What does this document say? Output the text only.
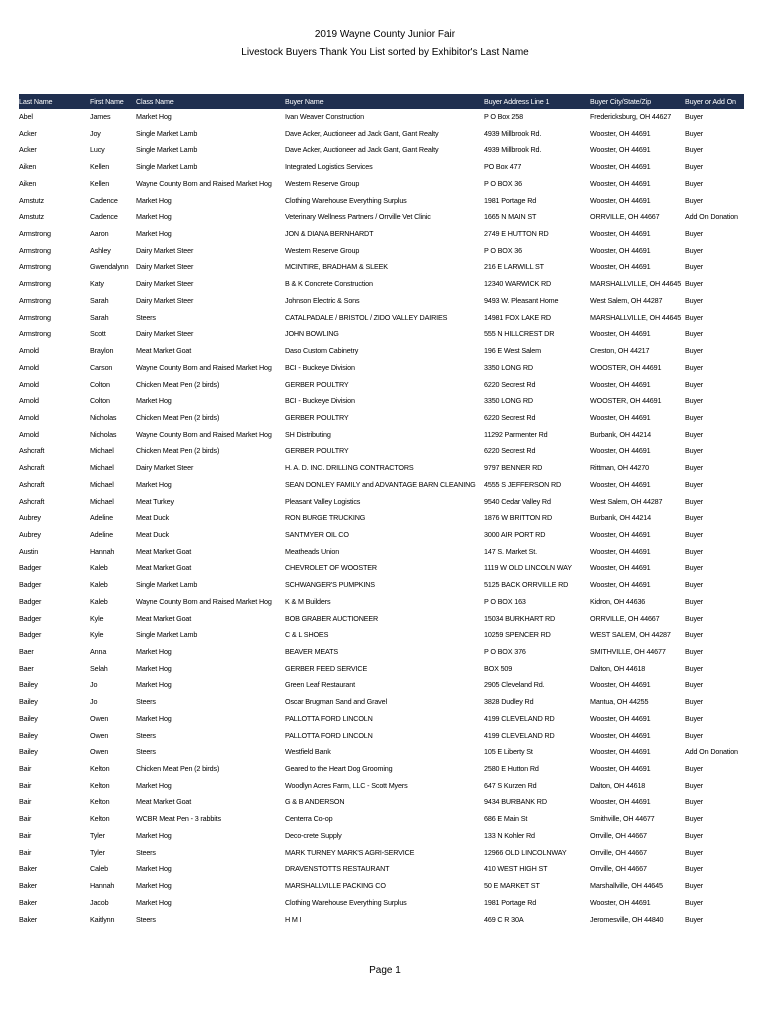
2019 Wayne County Junior Fair
Livestock Buyers Thank You List sorted by Exhibitor's Last Name
Last Name	First Name	Class Name	Buyer Name	Buyer Address Line 1	Buyer City/State/Zip	Buyer or Add On
Abel	James	Market Hog	Ivan Weaver Construction	P O Box 258	Fredericksburg, OH 44627	Buyer
Acker	Joy	Single Market Lamb	Dave Acker, Auctioneer ad Jack Gant, Gant Realty	4939 Millbrook Rd.	Wooster, OH 44691	Buyer
Acker	Lucy	Single Market Lamb	Dave Acker, Auctioneer ad Jack Gant, Gant Realty	4939 Millbrook Rd.	Wooster, OH 44691	Buyer
Aiken	Kellen	Single Market Lamb	Integrated Logistics Services	PO Box 477	Wooster, OH 44691	Buyer
Aiken	Kellen	Wayne County Born and Raised Market Hog	Western Reserve Group	P O BOX 36	Wooster, OH 44691	Buyer
Amstutz	Cadence	Market Hog	Clothing Warehouse Everything Surplus	1981 Portage Rd	Wooster, OH 44691	Buyer
Amstutz	Cadence	Market Hog	Veterinary Wellness Partners / Orrville Vet Clinic	1665 N MAIN ST	ORRVILLE, OH 44667	Add On Donation
Armstrong	Aaron	Market Hog	JON & DIANA BERNHARDT	2749 E HUTTON RD	Wooster, OH 44691	Buyer
Armstrong	Ashley	Dairy Market Steer	Western Reserve Group	P O BOX 36	Wooster, OH 44691	Buyer
Armstrong	Gwendalynn	Dairy Market Steer	MCINTIRE, BRADHAM & SLEEK	216 E LARWILL ST	Wooster, OH 44691	Buyer
Armstrong	Katy	Dairy Market Steer	B & K Concrete Construction	12340 WARWICK RD	MARSHALLVILLE, OH 44645 Buyer
Armstrong	Sarah	Dairy Market Steer	Johnson Electric & Sons	9493 W. Pleasant Home	West Salem, OH 44287	Buyer
Armstrong	Sarah	Steers	CATALPADALE / BRISTOL / ZIDO VALLEY DAIRIES	14981 FOX LAKE RD	MARSHALLVILLE, OH 44645 Buyer
Armstrong	Scott	Dairy Market Steer	JOHN BOWLING	555 N HILLCREST DR	Wooster, OH 44691	Buyer
Arnold	Braylon	Meat Market Goat	Daso Custom Cabinetry	196 E West Salem	Creston, OH 44217	Buyer
Arnold	Carson	Wayne County Born and Raised Market Hog	BCI - Buckeye Division	3350 LONG RD	WOOSTER, OH 44691	Buyer
Arnold	Colton	Chicken Meat Pen (2 birds)	GERBER POULTRY	6220 Secrest Rd	Wooster, OH 44691	Buyer
Arnold	Colton	Market Hog	BCI - Buckeye Division	3350 LONG RD	WOOSTER, OH 44691	Buyer
Arnold	Nicholas	Chicken Meat Pen (2 birds)	GERBER POULTRY	6220 Secrest Rd	Wooster, OH 44691	Buyer
Arnold	Nicholas	Wayne County Born and Raised Market Hog	SH Distributing	11292 Parmenter Rd	Burbank, OH 44214	Buyer
Ashcraft	Michael	Chicken Meat Pen (2 birds)	GERBER POULTRY	6220 Secrest Rd	Wooster, OH 44691	Buyer
Ashcraft	Michael	Dairy Market Steer	H. A. D. INC. DRILLING CONTRACTORS	9797 BENNER RD	Rittman, OH 44270	Buyer
Ashcraft	Michael	Market Hog	SEAN DONLEY FAMILY and ADVANTAGE BARN CLEANING	4555 S JEFFERSON RD	Wooster, OH 44691	Buyer
Ashcraft	Michael	Meat Turkey	Pleasant Valley Logistics	9540 Cedar Valley Rd	West Salem, OH 44287	Buyer
Aubrey	Adeline	Meat Duck	RON BURGE TRUCKING	1876 W BRITTON RD	Burbank, OH 44214	Buyer
Aubrey	Adeline	Meat Duck	SANTMYER OIL CO	3000 AIR PORT RD	Wooster, OH 44691	Buyer
Austin	Hannah	Meat Market Goat	Meatheads Union	147 S. Market St.	Wooster, OH 44691	Buyer
Badger	Kaleb	Meat Market Goat	CHEVROLET OF WOOSTER	1119 W OLD LINCOLN WAY	Wooster, OH 44691	Buyer
Badger	Kaleb	Single Market Lamb	SCHWANGER'S PUMPKINS	5125 BACK ORRVILLE RD	Wooster, OH 44691	Buyer
Badger	Kaleb	Wayne County Born and Raised Market Hog	K & M Builders	P O BOX 163	Kidron, OH 44636	Buyer
Badger	Kyle	Meat Market Goat	BOB GRABER AUCTIONEER	15034 BURKHART RD	ORRVILLE, OH 44667	Buyer
Badger	Kyle	Single Market Lamb	C & L SHOES	10259 SPENCER RD	WEST SALEM, OH 44287	Buyer
Baer	Anna	Market Hog	BEAVER MEATS	P O BOX 376	SMITHVILLE, OH 44677	Buyer
Baer	Selah	Market Hog	GERBER FEED SERVICE	BOX 509	Dalton, OH 44618	Buyer
Bailey	Jo	Market Hog	Green Leaf Restaurant	2905 Cleveland Rd.	Wooster, OH 44691	Buyer
Bailey	Jo	Steers	Oscar Brugman Sand and Gravel	3828 Dudley Rd	Mantua, OH 44255	Buyer
Bailey	Owen	Market Hog	PALLOTTA FORD LINCOLN	4199 CLEVELAND RD	Wooster, OH 44691	Buyer
Bailey	Owen	Steers	PALLOTTA FORD LINCOLN	4199 CLEVELAND RD	Wooster, OH 44691	Buyer
Bailey	Owen	Steers	Westfield Bank	105 E Liberty St	Wooster, OH 44691	Add On Donation
Bair	Kelton	Chicken Meat Pen (2 birds)	Geared to the Heart Dog Grooming	2580 E Hutton Rd	Wooster, OH 44691	Buyer
Bair	Kelton	Market Hog	Woodlyn Acres Farm, LLC - Scott Myers	647 S Kurzen Rd	Dalton, OH 44618	Buyer
Bair	Kelton	Meat Market Goat	G & B ANDERSON	9434 BURBANK RD	Wooster, OH 44691	Buyer
Bair	Kelton	WCBR Meat Pen - 3 rabbits	Centerra Co-op	686 E Main St	Smithville, OH 44677	Buyer
Bair	Tyler	Market Hog	Deco-crete Supply	133 N Kohler Rd	Orrville, OH 44667	Buyer
Bair	Tyler	Steers	MARK TURNEY MARK'S AGRI-SERVICE	12966 OLD LINCOLNWAY	Orrville, OH 44667	Buyer
Baker	Caleb	Market Hog	DRAVENSTOTTS RESTAURANT	410 WEST HIGH ST	Orrville, OH 44667	Buyer
Baker	Hannah	Market Hog	MARSHALLVILLE PACKING CO	50 E MARKET ST	Marshallville, OH 44645	Buyer
Baker	Jacob	Market Hog	Clothing Warehouse Everything Surplus	1981 Portage Rd	Wooster, OH 44691	Buyer
Baker	Kaitlynn	Steers	H M I	469 C R 30A	Jeromesville, OH 44840	Buyer
Page 1
